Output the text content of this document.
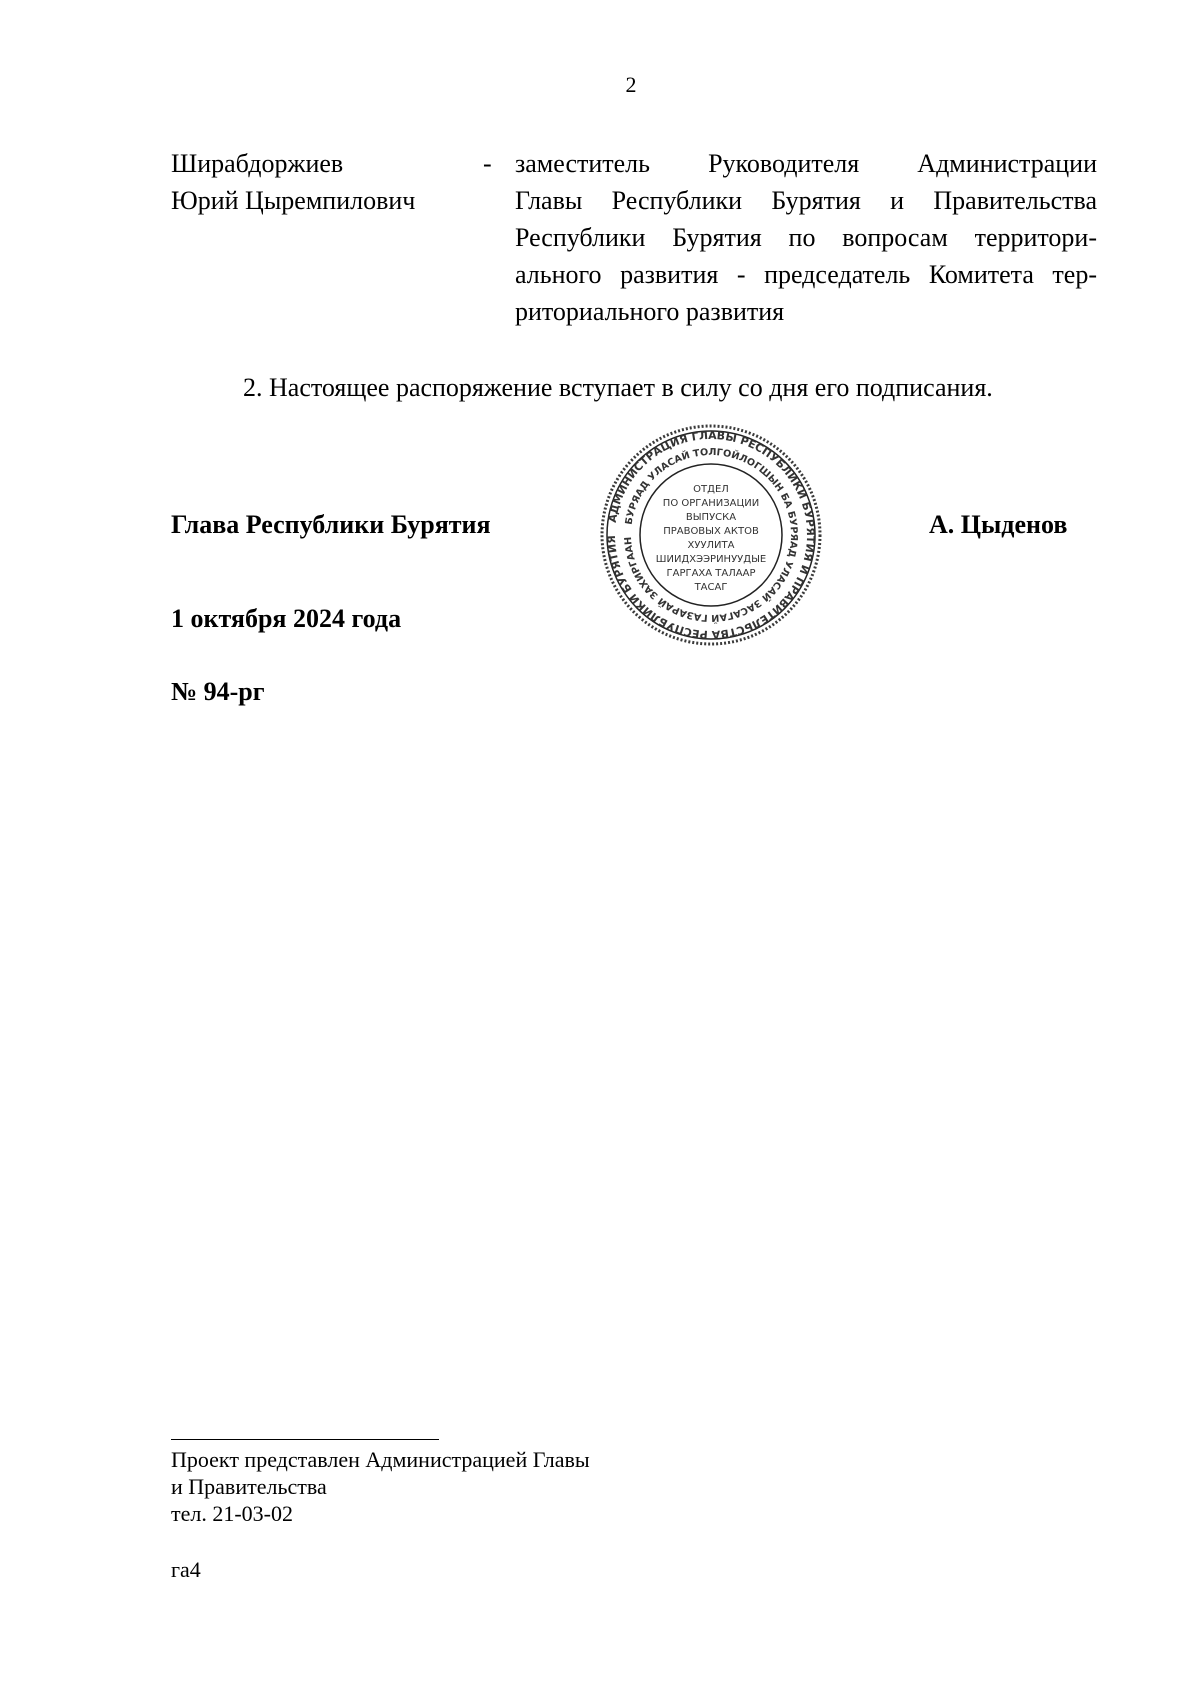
2
Ширабдоржиев
Юрий Цыремпилович
- заместитель Руководителя Администрации
Главы Республики Бурятия и Правительства
Республики Бурятия по вопросам территори-
ального развития - председатель Комитета тер-
риториального развития
2. Настоящее распоряжение вступает в силу со дня его подписания.
Глава Республики Бурятия	А. Цыденов
АДМИНИСТРАЦИЯ ГЛАВЫ РЕСПУБЛИКИ БУРЯТИЯ И ПРАВИТЕЛЬСТВА РЕСПУБЛИКИ БУРЯТИЯ
БУРЯАД УЛАСАЙ ТОЛГОЙЛОГШЫН БА БУРЯАД УЛАСАЙ ЗАСАГАЙ ГАЗАРАЙ ЗАХИРГААН
ОТДЕЛ
ПО ОРГАНИЗАЦИИ
ВЫПУСКА
ПРАВОВЫХ АКТОВ
ХУУЛИТА
ШИИДХЭЭРИНУУДЫЕ
ГАРГАХА ТАЛААР
ТАСАГ
1 октября 2024 года
№ 94-рг
Проект представлен Администрацией Главы
и Правительства
тел. 21-03-02
га4
